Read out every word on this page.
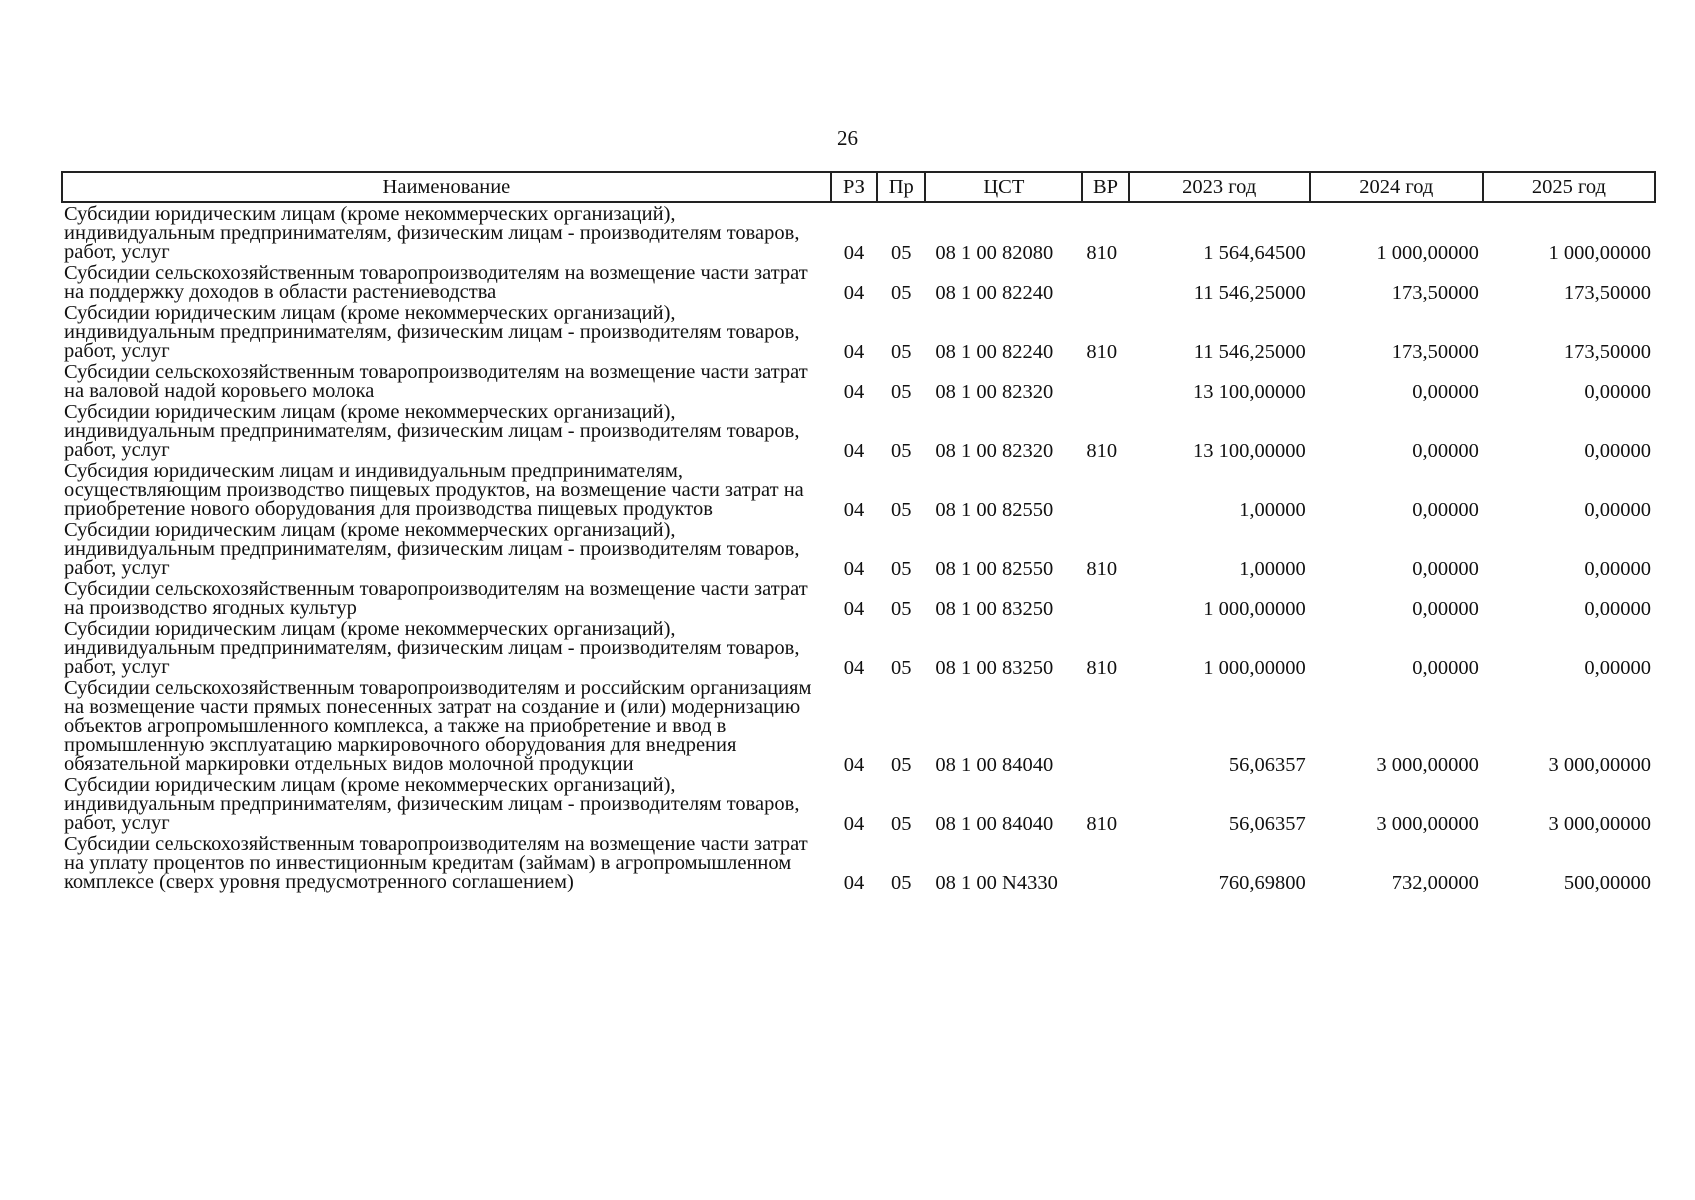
26
Наименование	РЗ	Пр	ЦСТ	ВР	2023 год	2024 год	2025 год
Субсидии юридическим лицам (кроме некоммерческих организаций), индивидуальным предпринимателям, физическим лицам - производителям товаров, работ, услуг	04	05	08 1 00 82080	810	1 564,64500	1 000,00000	1 000,00000
Субсидии сельскохозяйственным товаропроизводителям на возмещение части затрат на поддержку доходов в области растениеводства	04	05	08 1 00 82240		11 546,25000	173,50000	173,50000
Субсидии юридическим лицам (кроме некоммерческих организаций), индивидуальным предпринимателям, физическим лицам - производителям товаров, работ, услуг	04	05	08 1 00 82240	810	11 546,25000	173,50000	173,50000
Субсидии сельскохозяйственным товаропроизводителям на возмещение части затрат на валовой надой коровьего молока	04	05	08 1 00 82320		13 100,00000	0,00000	0,00000
Субсидии юридическим лицам (кроме некоммерческих организаций), индивидуальным предпринимателям, физическим лицам - производителям товаров, работ, услуг	04	05	08 1 00 82320	810	13 100,00000	0,00000	0,00000
Субсидия юридическим лицам и индивидуальным предпринимателям, осуществляющим производство пищевых продуктов, на возмещение части затрат на приобретение нового оборудования для производства пищевых продуктов	04	05	08 1 00 82550		1,00000	0,00000	0,00000
Субсидии юридическим лицам (кроме некоммерческих организаций), индивидуальным предпринимателям, физическим лицам - производителям товаров, работ, услуг	04	05	08 1 00 82550	810	1,00000	0,00000	0,00000
Субсидии сельскохозяйственным товаропроизводителям на возмещение части затрат на производство ягодных культур	04	05	08 1 00 83250		1 000,00000	0,00000	0,00000
Субсидии юридическим лицам (кроме некоммерческих организаций), индивидуальным предпринимателям, физическим лицам - производителям товаров, работ, услуг	04	05	08 1 00 83250	810	1 000,00000	0,00000	0,00000
Субсидии сельскохозяйственным товаропроизводителям и российским организациям на возмещение части прямых понесенных затрат на создание и (или) модернизацию объектов агропромышленного комплекса, а также на приобретение и ввод в промышленную эксплуатацию маркировочного оборудования для внедрения обязательной маркировки отдельных видов молочной продукции	04	05	08 1 00 84040		56,06357	3 000,00000	3 000,00000
Субсидии юридическим лицам (кроме некоммерческих организаций), индивидуальным предпринимателям, физическим лицам - производителям товаров, работ, услуг	04	05	08 1 00 84040	810	56,06357	3 000,00000	3 000,00000
Субсидии сельскохозяйственным товаропроизводителям на возмещение части затрат на уплату процентов по инвестиционным кредитам (займам) в агропромышленном комплексе (сверх уровня предусмотренного соглашением)	04	05	08 1 00 N4330		760,69800	732,00000	500,00000
